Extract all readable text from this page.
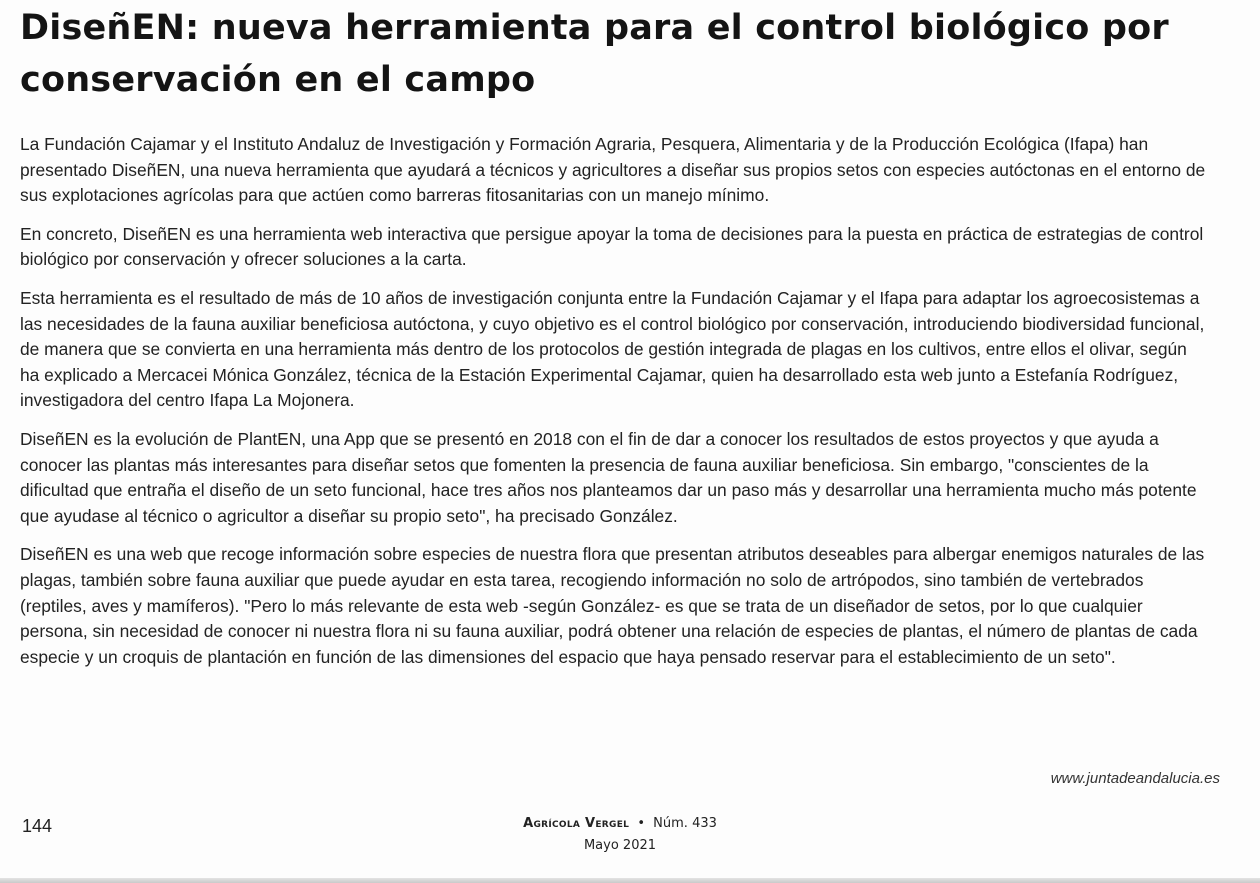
DiseñEN: nueva herramienta para el control biológico por conservación en el campo

La Fundación Cajamar y el Instituto Andaluz de Investigación y Formación Agraria, Pesquera, Alimentaria y de la Producción Ecológica (Ifapa) han presentado DiseñEN, una nueva herramienta que ayudará a técnicos y agricultores a diseñar sus propios setos con especies autóctonas en el entorno de sus explotaciones agrícolas para que actúen como barreras fitosanitarias con un manejo mínimo.

En concreto, DiseñEN es una herramienta web interactiva que persigue apoyar la toma de decisiones para la puesta en práctica de estrategias de control biológico por conservación y ofrecer soluciones a la carta.

Esta herramienta es el resultado de más de 10 años de investigación conjunta entre la Fundación Cajamar y el Ifapa para adaptar los agroecosistemas a las necesidades de la fauna auxiliar beneficiosa autóctona, y cuyo objetivo es el control biológico por conservación, introduciendo biodiversidad funcional, de manera que se convierta en una herramienta más dentro de los protocolos de gestión integrada de plagas en los cultivos, entre ellos el olivar, según ha explicado a Mercacei Mónica González, técnica de la Estación Experimental Cajamar, quien ha desarrollado esta web junto a Estefanía Rodríguez, investigadora del centro Ifapa La Mojonera.

DiseñEN es la evolución de PlantEN, una App que se presentó en 2018 con el fin de dar a conocer los resultados de estos proyectos y que ayuda a conocer las plantas más interesantes para diseñar setos que fomenten la presencia de fauna auxiliar beneficiosa. Sin embargo, "conscientes de la dificultad que entraña el diseño de un seto funcional, hace tres años nos planteamos dar un paso más y desarrollar una herramienta mucho más potente que ayudase al técnico o agricultor a diseñar su propio seto", ha precisado González.

DiseñEN es una web que recoge información sobre especies de nuestra flora que presentan atributos deseables para albergar enemigos naturales de las plagas, también sobre fauna auxiliar que puede ayudar en esta tarea, recogiendo información no solo de artrópodos, sino también de vertebrados (reptiles, aves y mamíferos). "Pero lo más relevante de esta web -según González- es que se trata de un diseñador de setos, por lo que cualquier persona, sin necesidad de conocer ni nuestra flora ni su fauna auxiliar, podrá obtener una relación de especies de plantas, el número de plantas de cada especie y un croquis de plantación en función de las dimensiones del espacio que haya pensado reservar para el establecimiento de un seto".

www.juntadeandalucia.es
144	Agrícola Vergel • Núm. 433
Mayo 2021
